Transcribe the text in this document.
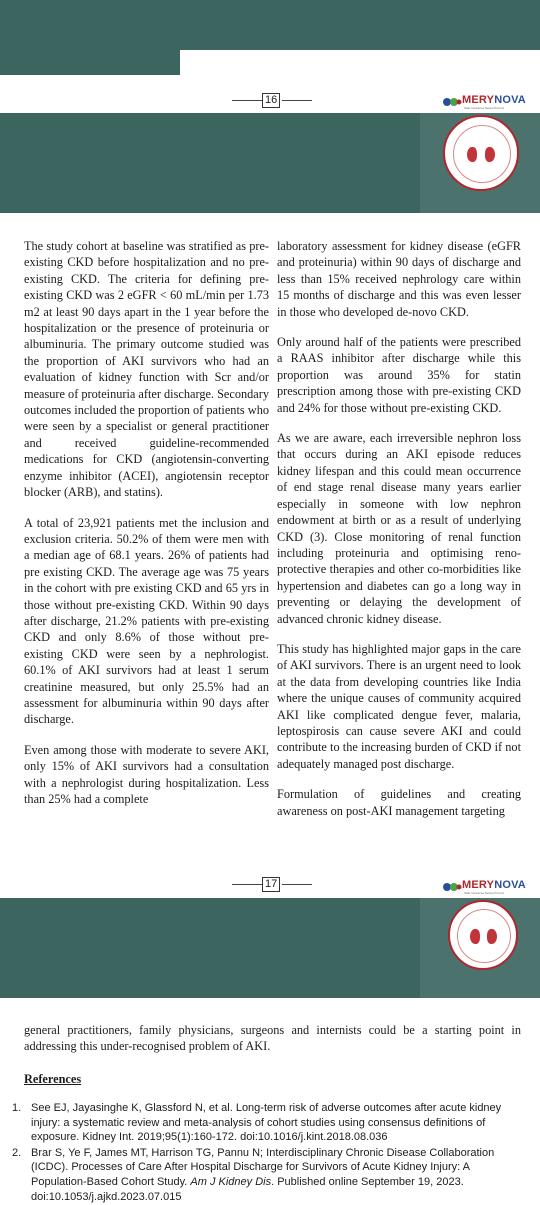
16	MERYNOVA
Safe Insurance Series Pvt Ltd

The study cohort at baseline was stratified as pre-existing CKD before hospitalization and no pre-existing CKD. The criteria for defining pre-existing CKD was 2 eGFR < 60 mL/min per 1.73 m2 at least 90 days apart in the 1 year before the hospitalization or the presence of proteinuria or albuminuria. The primary outcome studied was the proportion of AKI survivors who had an evaluation of kidney function with Scr and/or measure of proteinuria after discharge. Secondary outcomes included the proportion of patients who were seen by a specialist or general practitioner and received guideline-recommended medications for CKD (angiotensin-converting enzyme inhibitor (ACEI), angiotensin receptor blocker (ARB), and statins).

A total of 23,921 patients met the inclusion and exclusion criteria. 50.2% of them were men with a median age of 68.1 years. 26% of patients had pre existing CKD. The average age was 75 years in the cohort with pre existing CKD and 65 yrs in those without pre-existing CKD. Within 90 days after discharge, 21.2% patients with pre-existing CKD and only 8.6% of those without pre-existing CKD were seen by a nephrologist. 60.1% of AKI survivors had at least 1 serum creatinine measured, but only 25.5% had an assessment for albuminuria within 90 days after discharge.

Even among those with moderate to severe AKI, only 15% of AKI survivors had a consultation with a nephrologist during hospitalization. Less than 25% had a complete

laboratory assessment for kidney disease (eGFR and proteinuria) within 90 days of discharge and less than 15% received nephrology care within 15 months of discharge and this was even lesser in those who developed de-novo CKD.

Only around half of the patients were prescribed a RAAS inhibitor after discharge while this proportion was around 35% for statin prescription among those with pre-existing CKD and 24% for those without pre-existing CKD.

As we are aware, each irreversible nephron loss that occurs during an AKI episode reduces kidney lifespan and this could mean occurrence of end stage renal disease many years earlier especially in someone with low nephron endowment at birth or as a result of underlying CKD (3). Close monitoring of renal function including proteinuria and optimising reno-protective therapies and other co-morbidities like hypertension and diabetes can go a long way in preventing or delaying the development of advanced chronic kidney disease.

This study has highlighted major gaps in the care of AKI survivors. There is an urgent need to look at the data from developing countries like India where the unique causes of community acquired AKI like complicated dengue fever, malaria, leptospirosis can cause severe AKI and could contribute to the increasing burden of CKD if not adequately managed post discharge.

Formulation of guidelines and creating awareness on post-AKI management targeting

17	MERYNOVA
Safe Insurance Series Pvt Ltd
general practitioners, family physicians, surgeons and internists could be a starting point in addressing this under-recognised problem of AKI.
References
1. See EJ, Jayasinghe K, Glassford N, et al. Long-term risk of adverse outcomes after acute kidney injury: a systematic review and meta-analysis of cohort studies using consensus definitions of exposure. Kidney Int. 2019;95(1):160-172. doi:10.1016/j.kint.2018.08.036
2. Brar S, Ye F, James MT, Harrison TG, Pannu N; Interdisciplinary Chronic Disease Collaboration (ICDC). Processes of Care After Hospital Discharge for Survivors of Acute Kidney Injury: A Population-Based Cohort Study. Am J Kidney Dis. Published online September 19, 2023. doi:10.1053/j.ajkd.2023.07.015
